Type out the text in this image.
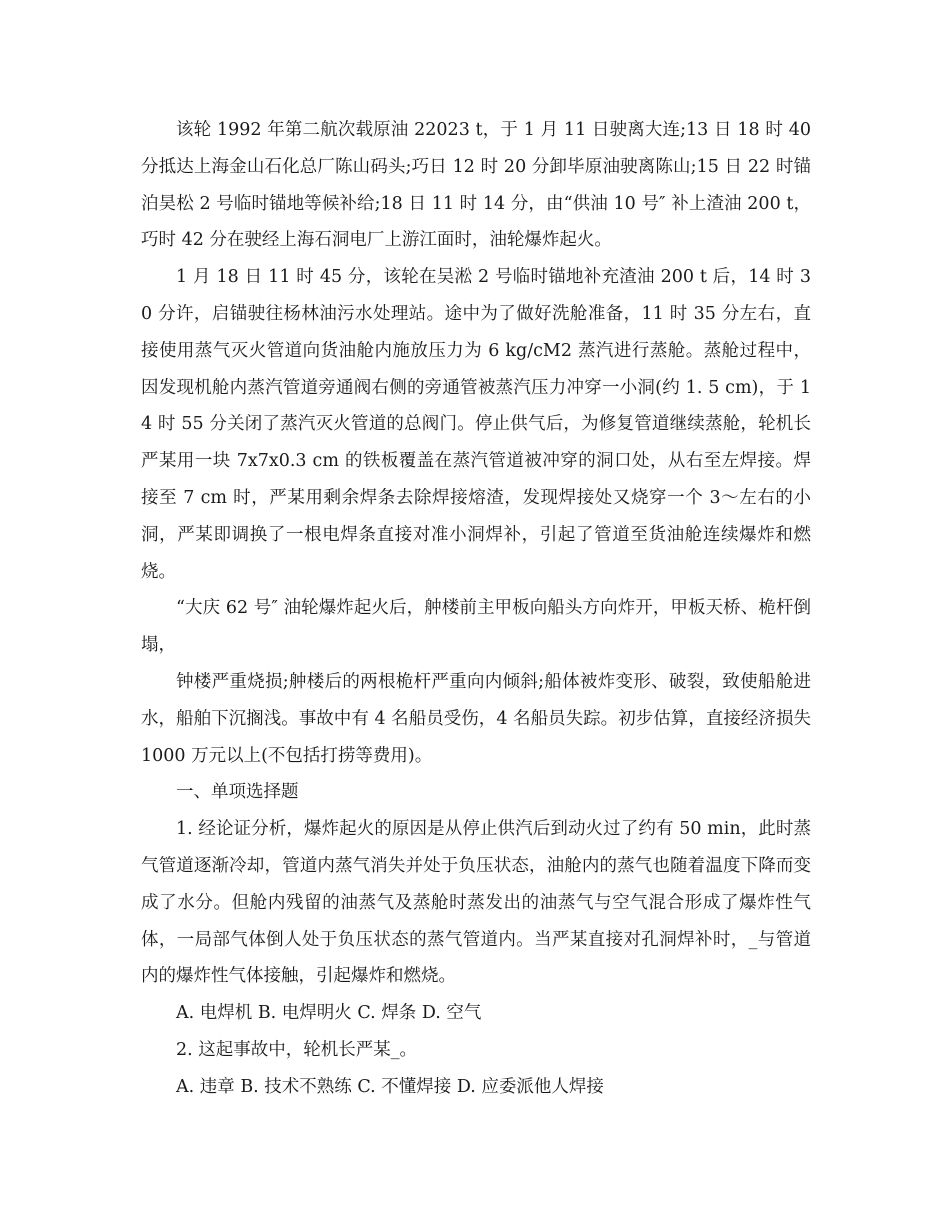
该轮 1992 年第二航次载原油 22023 t，于 1 月 11 日驶离大连;13 日 18 时 40 分抵达上海金山石化总厂陈山码头;巧日 12 时 20 分卸毕原油驶离陈山;15 日 22 时锚泊昊松 2 号临时锚地等候补给;18 日 11 时 14 分，由“供油 10 号″ 补上渣油 200 t，巧时 42 分在驶经上海石洞电厂上游江面时，油轮爆炸起火。

1 月 18 日 11 时 45 分，该轮在吴淞 2 号临时锚地补充渣油 200 t 后，14 时 30 分许，启锚驶往杨林油污水处理站。途中为了做好洗舱准备，11 时 35 分左右，直接使用蒸气灭火管道向货油舱内施放压力为 6 kg/cM2 蒸汽进行蒸舱。蒸舱过程中，因发现机舱内蒸汽管道旁通阀右侧的旁通管被蒸汽压力冲穿一小洞(约 1. 5 cm)，于 14 时 55 分关闭了蒸汽灭火管道的总阀门。停止供气后，为修复管道继续蒸舱，轮机长严某用一块 7x7x0.3 cm 的铁板覆盖在蒸汽管道被冲穿的洞口处，从右至左焊接。焊接至 7 cm 时，严某用剩余焊条去除焊接熔渣，发现焊接处又烧穿一个 3～左右的小洞，严某即调换了一根电焊条直接对准小洞焊补，引起了管道至货油舱连续爆炸和燃烧。

“大庆 62 号″ 油轮爆炸起火后，舯楼前主甲板向船头方向炸开，甲板天桥、桅杆倒塌，

钟楼严重烧损;舯楼后的两根桅杆严重向内倾斜;船体被炸变形、破裂，致使船舱进水，船舶下沉搁浅。事故中有 4 名船员受伤，4 名船员失踪。初步估算，直接经济损失 1000 万元以上(不包括打捞等费用)。

一、单项选择题

1. 经论证分析，爆炸起火的原因是从停止供汽后到动火过了约有 50 min，此时蒸气管道逐渐冷却，管道内蒸气消失并处于负压状态，油舱内的蒸气也随着温度下降而变成了水分。但舱内残留的油蒸气及蒸舱时蒸发出的油蒸气与空气混合形成了爆炸性气体，一局部气体倒人处于负压状态的蒸气管道内。当严某直接对孔洞焊补时，_与管道内的爆炸性气体接触，引起爆炸和燃烧。

A. 电焊机 B. 电焊明火 C. 焊条 D. 空气

2. 这起事故中，轮机长严某_。

A. 违章 B. 技术不熟练 C. 不懂焊接 D. 应委派他人焊接
